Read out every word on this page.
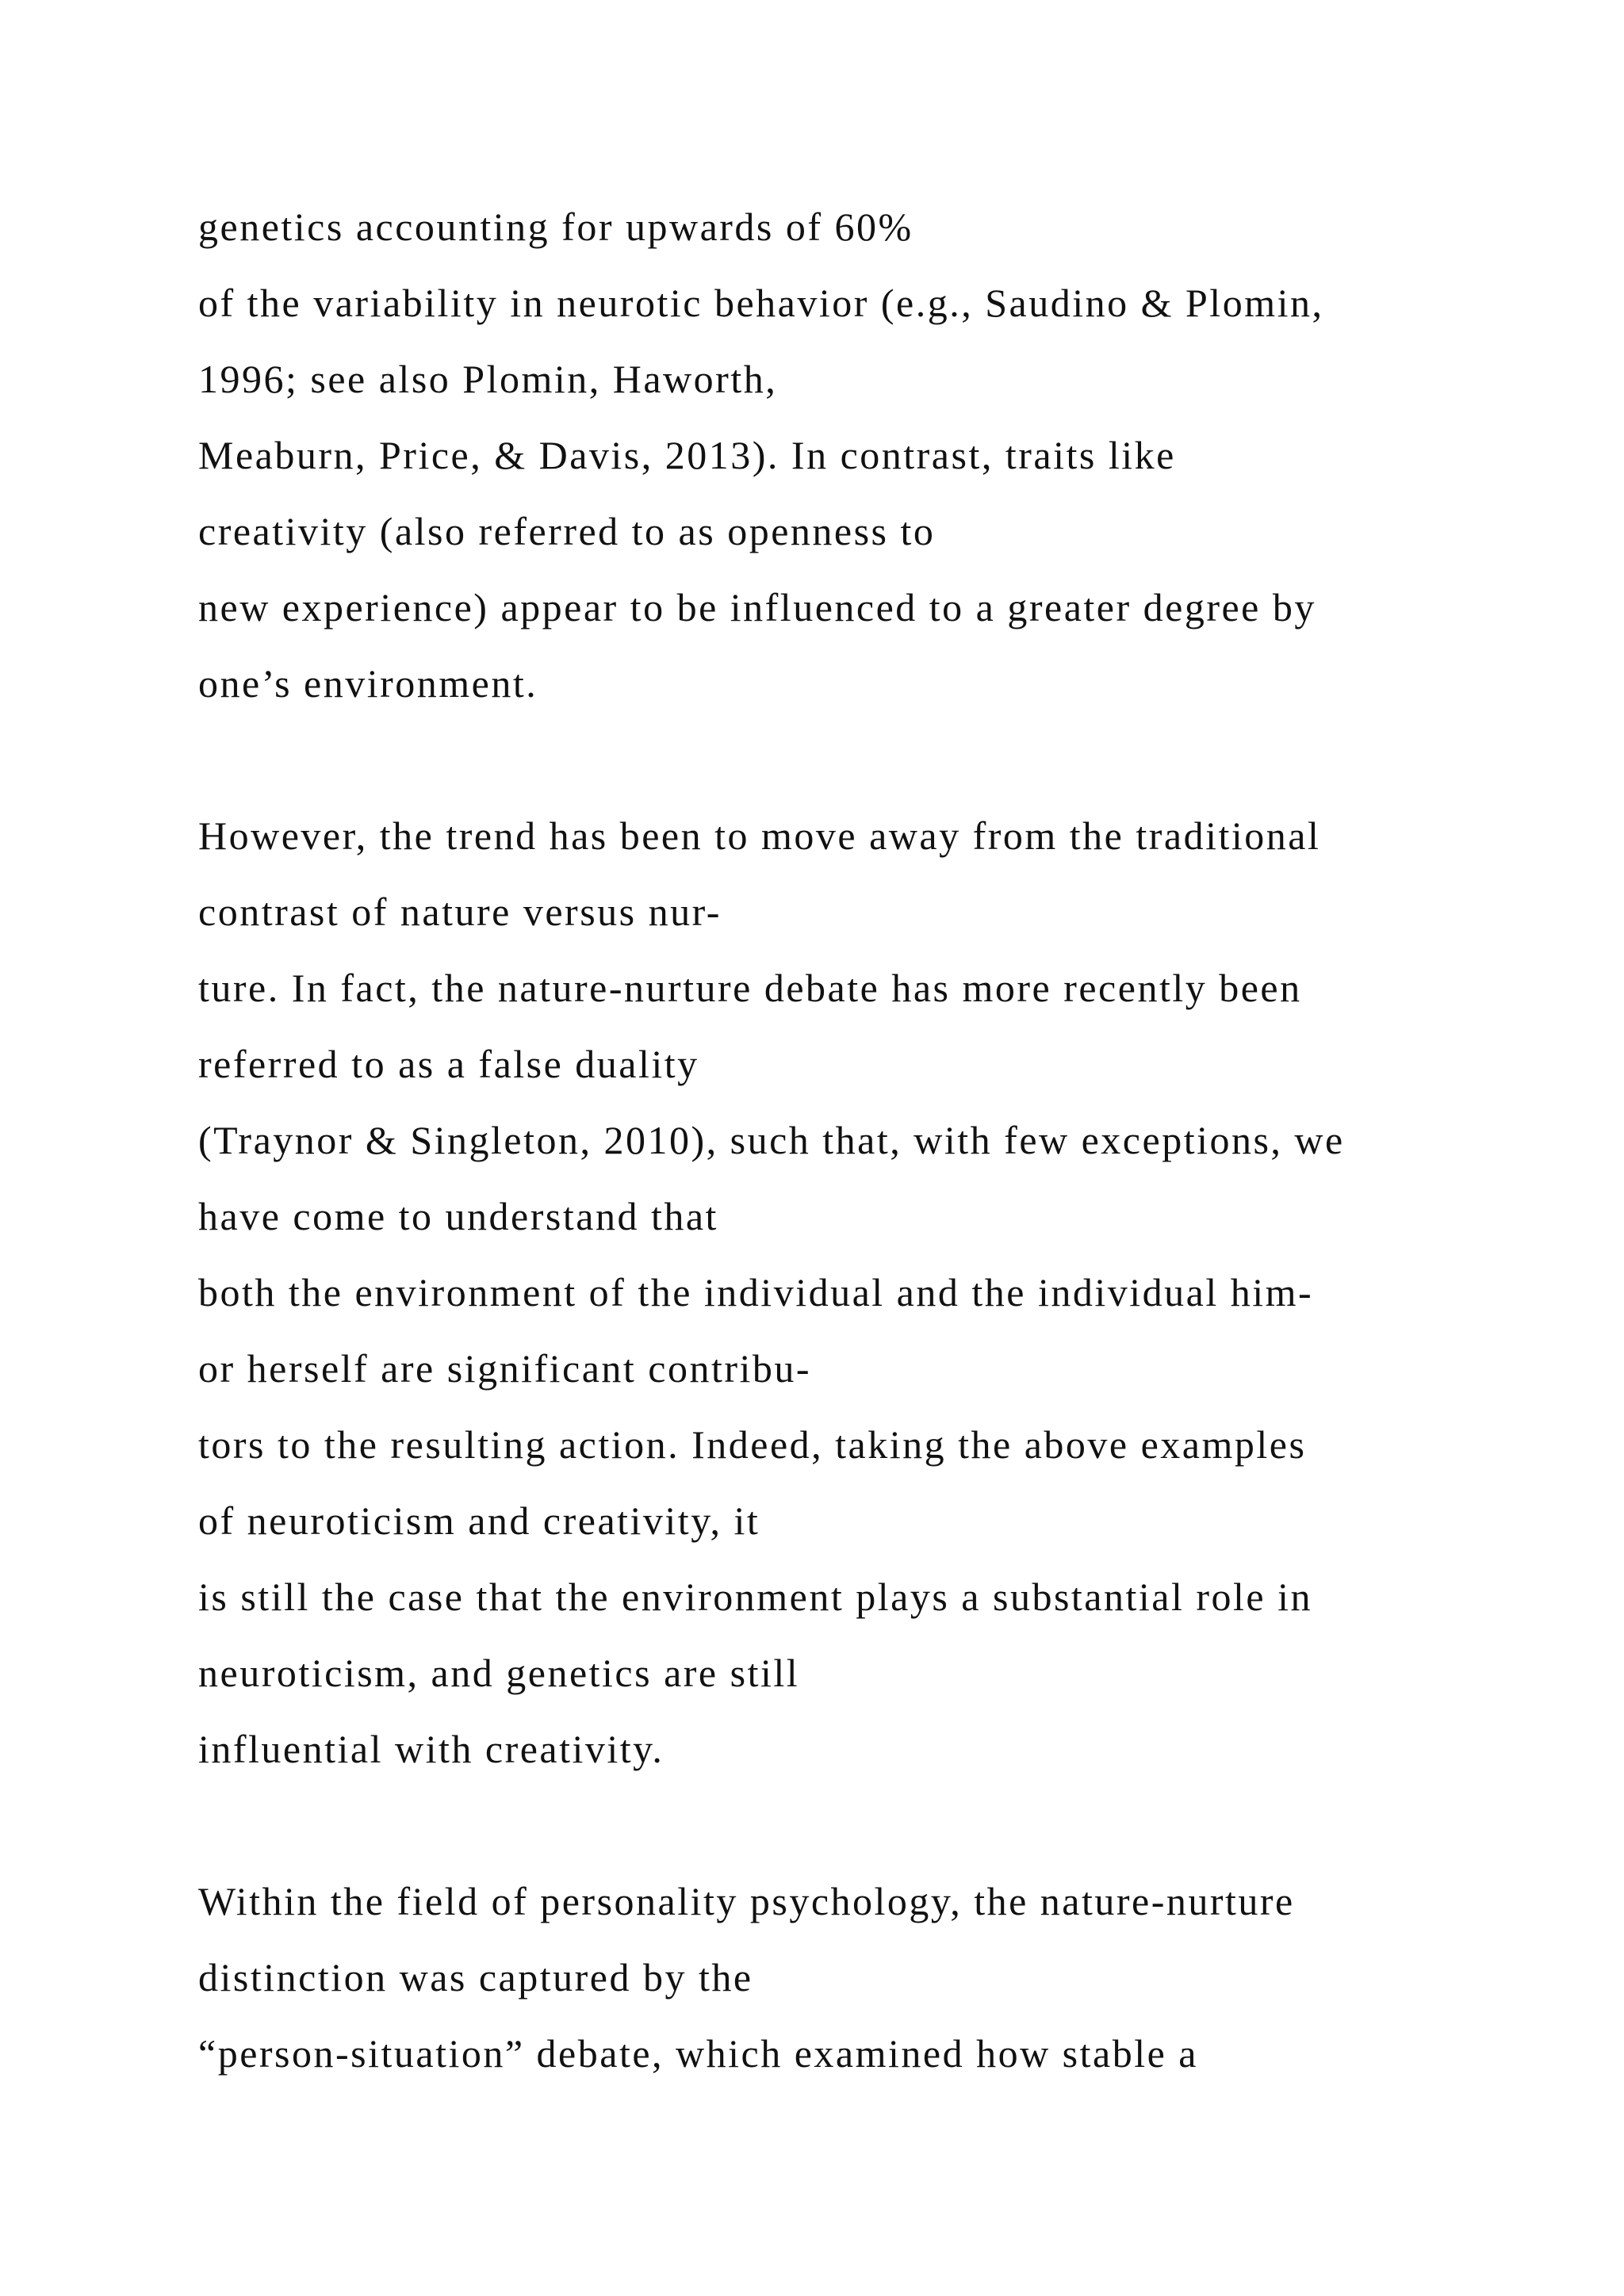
genetics accounting for upwards of 60%

of the variability in neurotic behavior (e.g., Saudino & Plomin,

1996; see also Plomin, Haworth,

Meaburn, Price, & Davis, 2013). In contrast, traits like

creativity (also referred to as openness to

new experience) appear to be influenced to a greater degree by

one’s environment.

However, the trend has been to move away from the traditional

contrast of nature versus nur-

ture. In fact, the nature-nurture debate has more recently been

referred to as a false duality

(Traynor & Singleton, 2010), such that, with few exceptions, we

have come to understand that

both the environment of the individual and the individual him-

or herself are significant contribu-

tors to the resulting action. Indeed, taking the above examples

of neuroticism and creativity, it

is still the case that the environment plays a substantial role in

neuroticism, and genetics are still

influential with creativity.

Within the field of personality psychology, the nature-nurture

distinction was captured by the

“person-situation” debate, which examined how stable a
